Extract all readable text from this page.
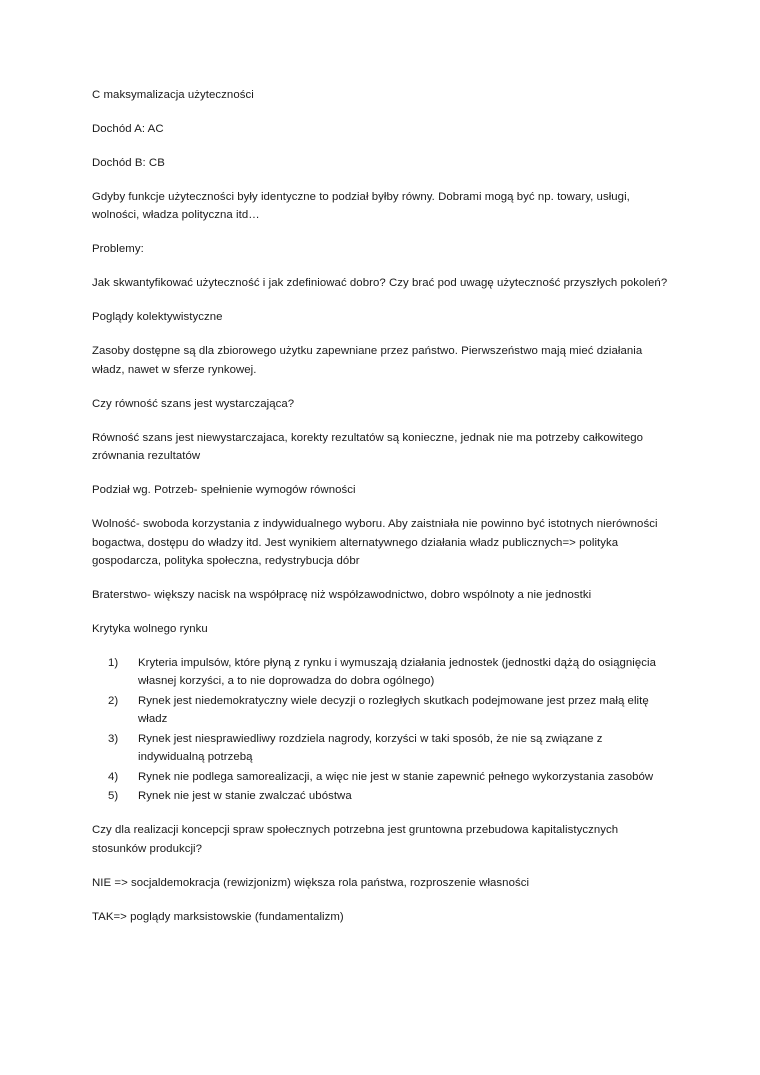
C maksymalizacja użyteczności

Dochód A: AC

Dochód B: CB

Gdyby funkcje użyteczności były identyczne to podział byłby równy. Dobrami mogą być np. towary, usługi, wolności, władza polityczna itd…

Problemy:

Jak skwantyfikować użyteczność i jak zdefiniować dobro? Czy brać pod uwagę użyteczność przyszłych pokoleń?

Poglądy kolektywistyczne

Zasoby dostępne są dla zbiorowego użytku zapewniane przez państwo. Pierwszeństwo mają mieć działania władz, nawet w sferze rynkowej.

Czy równość szans jest wystarczająca?

Równość szans jest niewystarczajaca, korekty rezultatów są konieczne, jednak nie ma potrzeby całkowitego zrównania rezultatów

Podział wg. Potrzeb- spełnienie wymogów równości

Wolność- swoboda korzystania z indywidualnego wyboru. Aby zaistniała nie powinno być istotnych nierówności bogactwa, dostępu do władzy itd. Jest wynikiem alternatywnego działania władz publicznych=> polityka gospodarcza, polityka społeczna, redystrybucja dóbr

Braterstwo- większy nacisk na współpracę niż współzawodnictwo, dobro wspólnoty a nie jednostki

Krytyka wolnego rynku

Kryteria impulsów, które płyną z rynku i wymuszają działania jednostek (jednostki dążą do osiągnięcia własnej korzyści, a to nie doprowadza do dobra ogólnego)
Rynek jest niedemokratyczny wiele decyzji o rozległych skutkach podejmowane jest przez małą elitę władz
Rynek jest niesprawiedliwy rozdziela nagrody, korzyści w taki sposób, że nie są związane z indywidualną potrzebą
Rynek nie podlega samorealizacji, a więc nie jest w stanie zapewnić pełnego wykorzystania zasobów
Rynek nie jest w stanie zwalczać ubóstwa

Czy dla realizacji koncepcji spraw społecznych potrzebna jest gruntowna przebudowa kapitalistycznych stosunków produkcji?

NIE => socjaldemokracja (rewizjonizm) większa rola państwa, rozproszenie własności

TAK=> poglądy marksistowskie (fundamentalizm)
